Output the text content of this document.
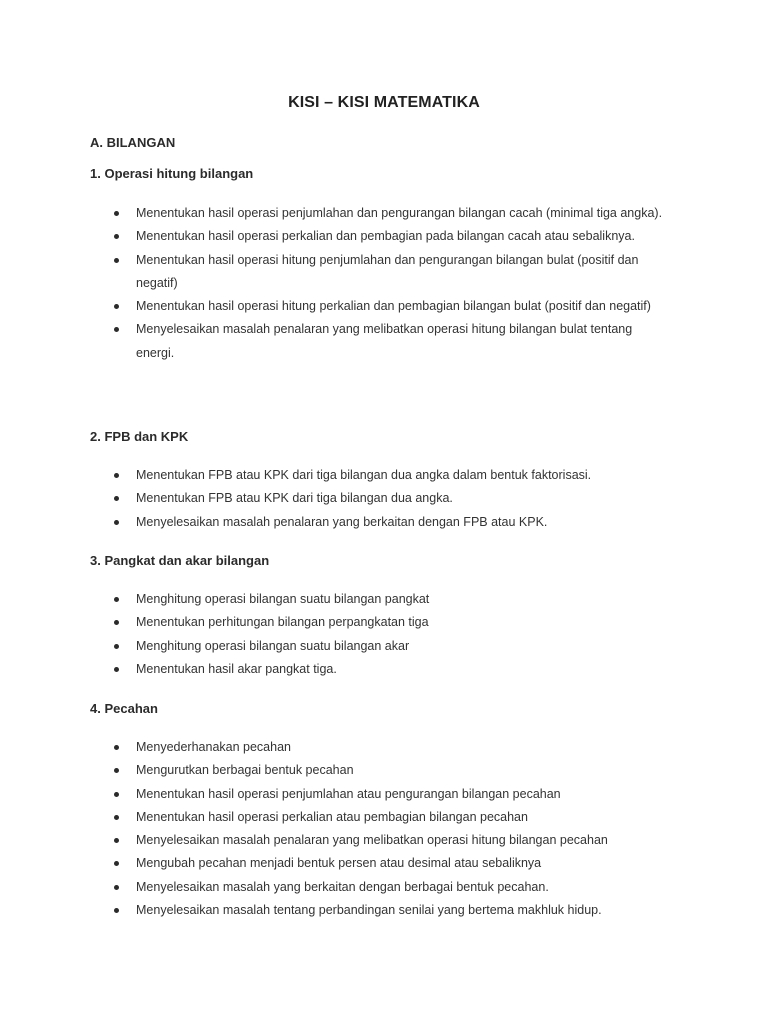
KISI – KISI MATEMATIKA
A. BILANGAN
1. Operasi hitung bilangan
Menentukan hasil operasi penjumlahan dan pengurangan bilangan cacah (minimal tiga angka).
Menentukan hasil operasi perkalian dan pembagian pada bilangan cacah atau sebaliknya.
Menentukan hasil operasi hitung penjumlahan dan pengurangan bilangan bulat (positif dan negatif)
Menentukan hasil operasi hitung perkalian dan pembagian bilangan bulat (positif dan negatif)
Menyelesaikan masalah penalaran yang melibatkan operasi hitung bilangan bulat tentang energi.
2. FPB dan KPK
Menentukan FPB atau KPK dari tiga bilangan dua angka dalam bentuk faktorisasi.
Menentukan FPB atau KPK dari tiga bilangan dua angka.
Menyelesaikan masalah penalaran yang berkaitan dengan FPB atau KPK.
3. Pangkat dan akar bilangan
Menghitung operasi bilangan suatu bilangan pangkat
Menentukan perhitungan bilangan perpangkatan tiga
Menghitung operasi bilangan suatu bilangan akar
Menentukan hasil akar pangkat tiga.
4. Pecahan
Menyederhanakan pecahan
Mengurutkan berbagai bentuk pecahan
Menentukan hasil operasi penjumlahan atau pengurangan bilangan pecahan
Menentukan hasil operasi perkalian atau pembagian bilangan pecahan
Menyelesaikan masalah penalaran yang melibatkan operasi hitung bilangan pecahan
Mengubah pecahan menjadi bentuk persen atau desimal atau sebaliknya
Menyelesaikan masalah yang berkaitan dengan berbagai bentuk pecahan.
Menyelesaikan masalah tentang perbandingan senilai yang bertema makhluk hidup.
